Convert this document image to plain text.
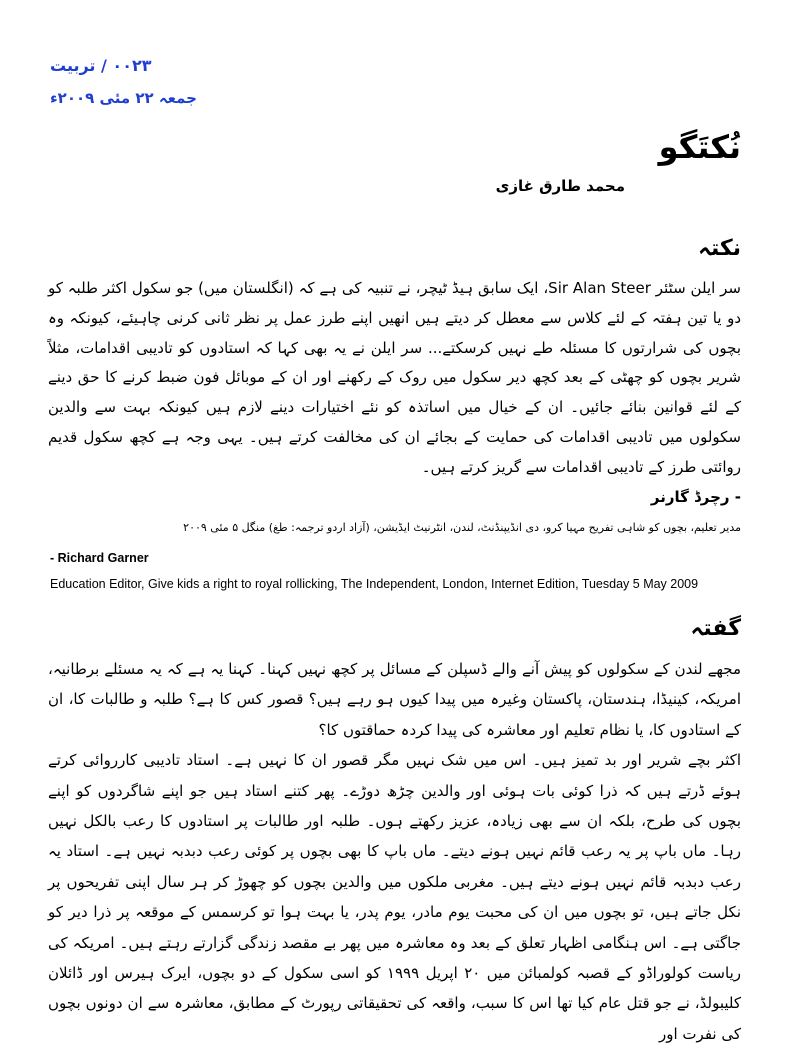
۰۰۲۳ / تربیت
جمعہ ۲۲ مئی ۲۰۰۹ء
نُکتَگو
محمد طارق غازی
نکتہ

سر ایلن سٹئر Sir Alan Steer، ایک سابق ہیڈ ٹیچر، نے تنبیہ کی ہے کہ (انگلستان میں) جو سکول اکثر طلبہ کو دو یا تین ہفتہ کے لئے کلاس سے معطل کر دیتے ہیں انھیں اپنے طرز عمل پر نظر ثانی کرنی چاہیئے، کیونکہ وہ بچوں کی شرارتوں کا مسئلہ طے نہیں کرسکتے... سر ایلن نے یہ بھی کہا کہ استادوں کو تادیبی اقدامات، مثلاً شریر بچوں کو چھٹی کے بعد کچھ دیر سکول میں روک کے رکھنے اور ان کے موبائل فون ضبط کرنے کا حق دینے کے لئے قوانین بنائے جائیں۔ ان کے خیال میں اساتذہ کو نئے اختیارات دینے لازم ہیں کیونکہ بہت سے والدین سکولوں میں تادیبی اقدامات کی حمایت کے بجائے ان کی مخالفت کرتے ہیں۔ یہی وجہ ہے کچھ سکول قدیم روائتی طرز کے تادیبی اقدامات سے گریز کرتے ہیں۔

- رچرڈ گارنر

مدیر تعلیم، بچوں کو شاہی تفریح مہیا کرو، دی انڈیپنڈنٹ، لندن، انٹرنیٹ ایڈیشن، (آزاد اردو ترجمہ: طغ) منگل ۵ مئی ۲۰۰۹

- Richard Garner
Education Editor, Give kids a right to royal rollicking, The Independent, London, Internet Edition, Tuesday 5 May 2009
گفتہ

مجھے لندن کے سکولوں کو پیش آنے والے ڈسپلن کے مسائل پر کچھ نہیں کہنا۔ کہنا یہ ہے کہ یہ مسئلے برطانیہ، امریکہ، کینیڈا، ہندستان، پاکستان وغیرہ میں پیدا کیوں ہو رہے ہیں؟ قصور کس کا ہے؟ طلبہ و طالبات کا، ان کے استادوں کا، یا نظام تعلیم اور معاشرہ کی پیدا کردہ حماقتوں کا؟

اکثر بچے شریر اور بد تمیز ہیں۔ اس میں شک نہیں مگر قصور ان کا نہیں ہے۔ استاد تادیبی کارروائی کرتے ہوئے ڈرتے ہیں کہ ذرا کوئی بات ہوئی اور والدین چڑھ دوڑے۔ پھر کتنے استاد ہیں جو اپنے شاگردوں کو اپنے بچوں کی طرح، بلکہ ان سے بھی زیادہ، عزیز رکھتے ہوں۔ طلبہ اور طالبات پر استادوں کا رعب بالکل نہیں رہا۔ ماں باپ پر یہ رعب قائم نہیں ہونے دیتے۔ ماں باپ کا بھی بچوں پر کوئی رعب دبدبہ نہیں ہے۔ استاد یہ رعب دبدبہ قائم نہیں ہونے دیتے ہیں۔ مغربی ملکوں میں والدین بچوں کو چھوڑ کر ہر سال اپنی تفریحوں پر نکل جاتے ہیں، تو بچوں میں ان کی محبت یوم مادر، یوم پدر، یا بہت ہوا تو کرسمس کے موقعہ پر ذرا دیر کو جاگتی ہے۔ اس ہنگامی اظہار تعلق کے بعد وہ معاشرہ میں پھر بے مقصد زندگی گزارتے رہتے ہیں۔ امریکہ کی ریاست کولوراڈو کے قصبہ کولمبائن میں ۲۰ اپریل ۱۹۹۹ کو اسی سکول کے دو بچوں، ایرک ہیرس اور ڈائلان کلیبولڈ، نے جو قتل عام کیا تھا اس کا سبب، واقعہ کی تحقیقاتی رپورٹ کے مطابق، معاشرہ سے ان دونوں بچوں کی نفرت اور
